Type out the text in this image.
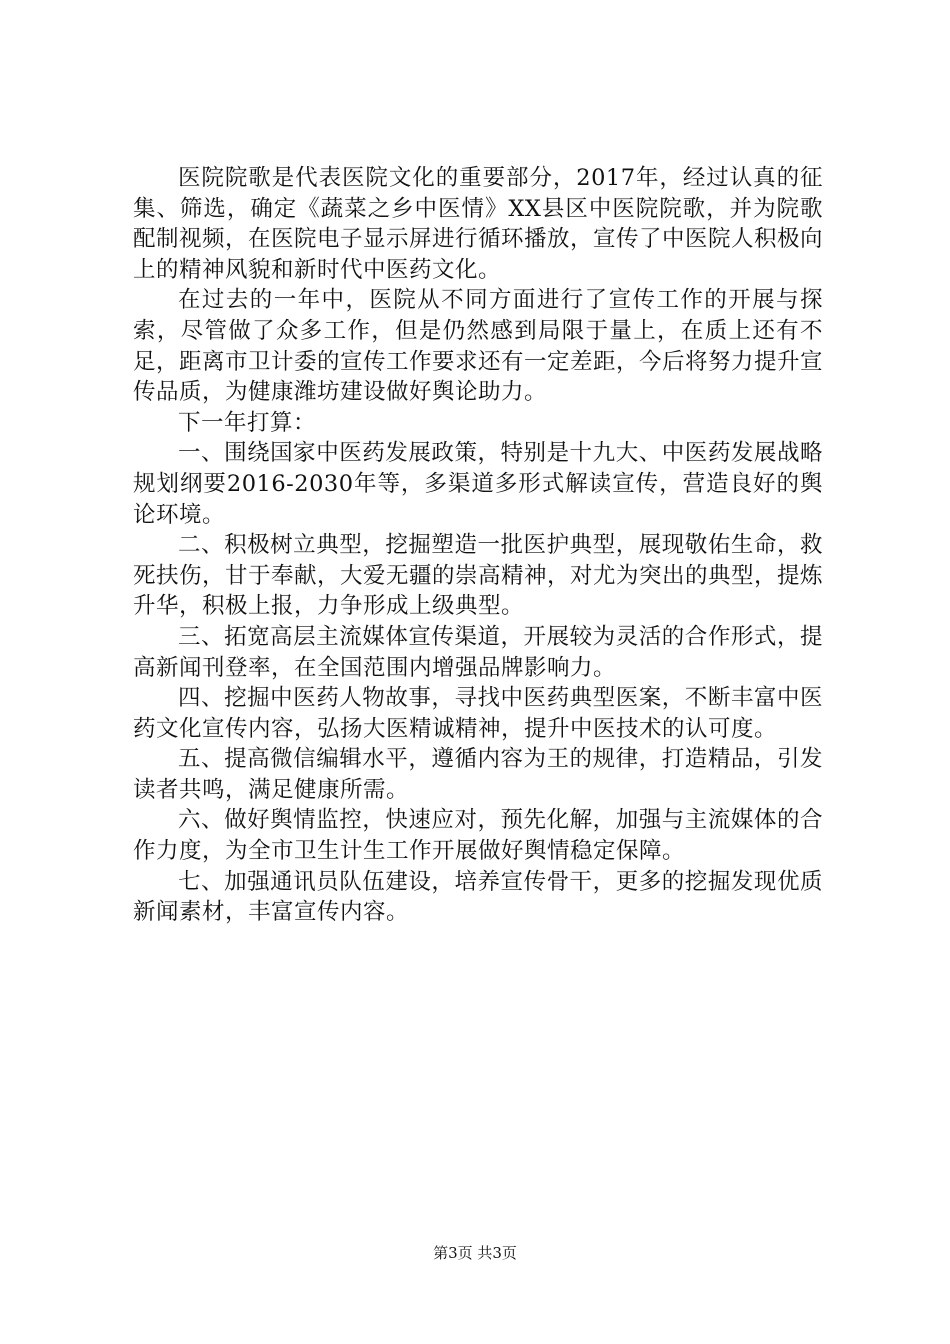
医院院歌是代表医院文化的重要部分，2017年，经过认真的征集、筛选，确定《蔬菜之乡中医情》XX县区中医院院歌，并为院歌配制视频，在医院电子显示屏进行循环播放，宣传了中医院人积极向上的精神风貌和新时代中医药文化。

在过去的一年中，医院从不同方面进行了宣传工作的开展与探索，尽管做了众多工作，但是仍然感到局限于量上，在质上还有不足，距离市卫计委的宣传工作要求还有一定差距，今后将努力提升宣传品质，为健康潍坊建设做好舆论助力。

下一年打算：

一、围绕国家中医药发展政策，特别是十九大、中医药发展战略规划纲要2016-2030年等，多渠道多形式解读宣传，营造良好的舆论环境。

二、积极树立典型，挖掘塑造一批医护典型，展现敬佑生命，救死扶伤，甘于奉献，大爱无疆的崇高精神，对尤为突出的典型，提炼升华，积极上报，力争形成上级典型。

三、拓宽高层主流媒体宣传渠道，开展较为灵活的合作形式，提高新闻刊登率，在全国范围内增强品牌影响力。

四、挖掘中医药人物故事，寻找中医药典型医案，不断丰富中医药文化宣传内容，弘扬大医精诚精神，提升中医技术的认可度。

五、提高微信编辑水平，遵循内容为王的规律，打造精品，引发读者共鸣，满足健康所需。

六、做好舆情监控，快速应对，预先化解，加强与主流媒体的合作力度，为全市卫生计生工作开展做好舆情稳定保障。

七、加强通讯员队伍建设，培养宣传骨干，更多的挖掘发现优质新闻素材，丰富宣传内容。

第3页 共3页
